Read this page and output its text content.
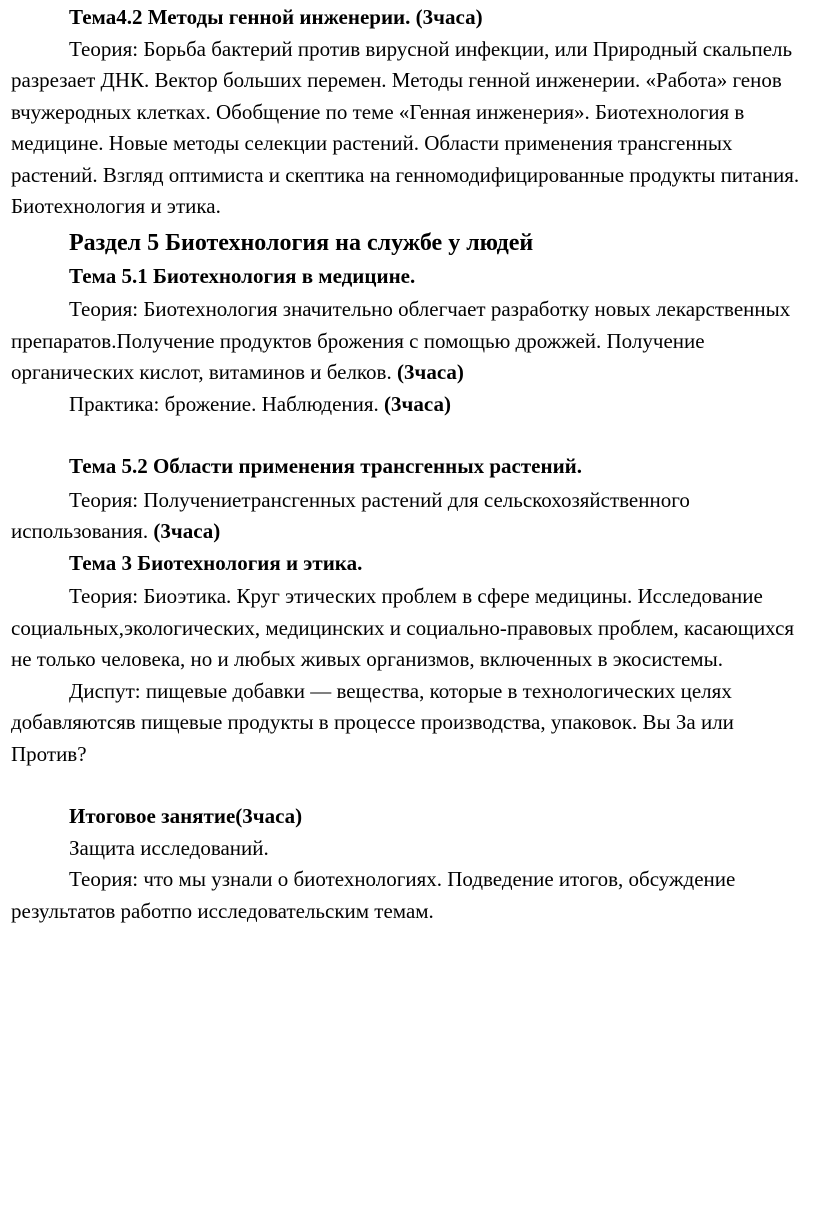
Тема4.2 Методы генной инженерии. (3часа)

Теория: Борьба бактерий против вирусной инфекции, или Природный скальпель разрезает ДНК. Вектор больших перемен. Методы генной инженерии. «Работа» генов вчужеродных клетках. Обобщение по теме «Генная инженерия». Биотехнология в медицине. Новые методы селекции растений. Области применения трансгенных растений. Взгляд оптимиста и скептика на генномодифицированные продукты питания. Биотехнология и этика.

Раздел 5 Биотехнология на службе у людей

Тема 5.1 Биотехнология в медицине.

Теория: Биотехнология значительно облегчает разработку новых лекарственных препаратов.Получение продуктов брожения с помощью дрожжей. Получение органических кислот, витаминов и белков. (3часа)

Практика: брожение. Наблюдения. (3часа)

Тема 5.2 Области применения трансгенных растений.

Теория: Получениетрансгенных растений для сельскохозяйственного использования. (3часа)

Тема 3 Биотехнология и этика.

Теория: Биоэтика. Круг этических проблем в сфере медицины. Исследование социальных,экологических, медицинских и социально-правовых проблем, касающихся не только человека, но и любых живых организмов, включенных в экосистемы.

Диспут: пищевые добавки — вещества, которые в технологических целях добавляютсяв пищевые продукты в процессе производства, упаковок. Вы За или Против?

Итоговое занятие(3часа)

Защита исследований.

Теория: что мы узнали о биотехнологиях. Подведение итогов, обсуждение результатов работпо исследовательским темам.
